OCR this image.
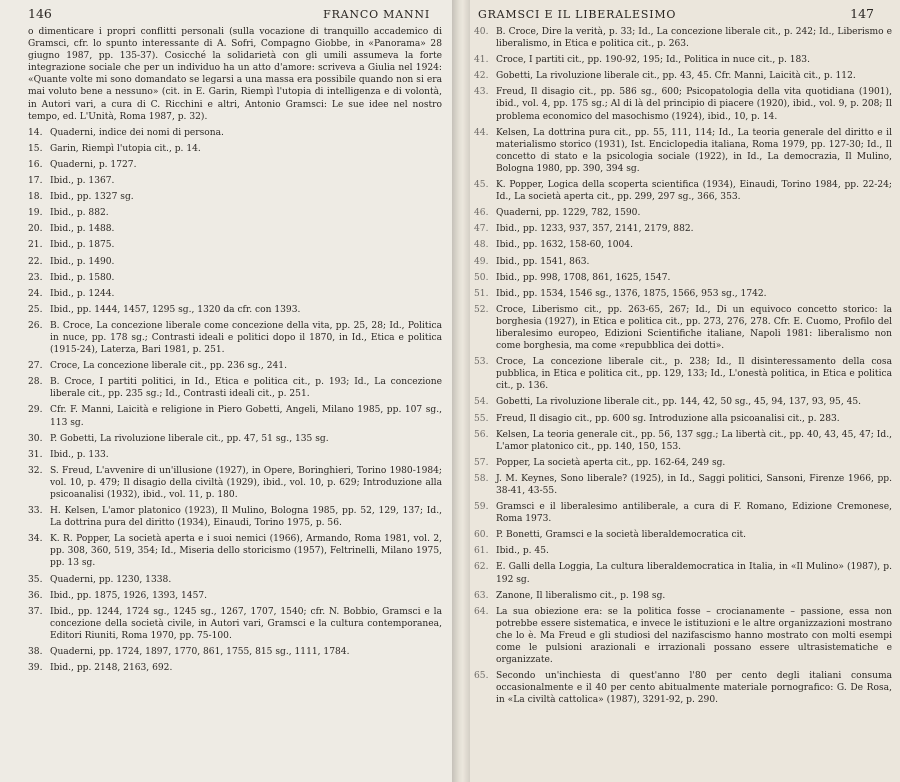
146	FRANCO MANNI

o dimenticare i propri conflitti personali (sulla vocazione di tranquillo accademico di Gramsci, cfr. lo spunto interessante di A. Sofri, Compagno Giobbe, in «Panorama» 28 giugno 1987, pp. 135-37). Cosicché la solidarietà con gli umili assumeva la forte integrazione sociale che per un individuo ha un atto d'amore: scriveva a Giulia nel 1924: «Quante volte mi sono domandato se legarsi a una massa era possibile quando non si era mai voluto bene a nessuno» (cit. in E. Garin, Riempì l'utopia di intelligenza e di volontà, in Autori vari, a cura di C. Ricchini e altri, Antonio Gramsci: Le sue idee nel nostro tempo, ed. L'Unità, Roma 1987, p. 32).

14. Quaderni, indice dei nomi di persona.
15. Garin, Riempì l'utopia cit., p. 14.
16. Quaderni, p. 1727.
17. Ibid., p. 1367.
18. Ibid., pp. 1327 sg.
19. Ibid., p. 882.
20. Ibid., p. 1488.
21. Ibid., p. 1875.
22. Ibid., p. 1490.
23. Ibid., p. 1580.
24. Ibid., p. 1244.
25. Ibid., pp. 1444, 1457, 1295 sg., 1320 da cfr. con 1393.
26. B. Croce, La concezione liberale come concezione della vita, pp. 25, 28; Id., Politica in nuce, pp. 178 sg.; Contrasti ideali e politici dopo il 1870, in Id., Etica e politica (1915-24), Laterza, Bari 1981, p. 251.
27. Croce, La concezione liberale cit., pp. 236 sg., 241.
28. B. Croce, I partiti politici, in Id., Etica e politica cit., p. 193; Id., La concezione liberale cit., pp. 235 sg.; Id., Contrasti ideali cit., p. 251.
29. Cfr. F. Manni, Laicità e religione in Piero Gobetti, Angeli, Milano 1985, pp. 107 sg., 113 sg.
30. P. Gobetti, La rivoluzione liberale cit., pp. 47, 51 sg., 135 sg.
31. Ibid., p. 133.
32. S. Freud, L'avvenire di un'illusione (1927), in Opere, Boringhieri, Torino 1980-1984; vol. 10, p. 479; Il disagio della civiltà (1929), ibid., vol. 10, p. 629; Introduzione alla psicoanalisi (1932), ibid., vol. 11, p. 180.
33. H. Kelsen, L'amor platonico (1923), Il Mulino, Bologna 1985, pp. 52, 129, 137; Id., La dottrina pura del diritto (1934), Einaudi, Torino 1975, p. 56.
34. K. R. Popper, La società aperta e i suoi nemici (1966), Armando, Roma 1981, vol. 2, pp. 308, 360, 519, 354; Id., Miseria dello storicismo (1957), Feltrinelli, Milano 1975, pp. 13 sg.
35. Quaderni, pp. 1230, 1338.
36. Ibid., pp. 1875, 1926, 1393, 1457.
37. Ibid., pp. 1244, 1724 sg., 1245 sg., 1267, 1707, 1540; cfr. N. Bobbio, Gramsci e la concezione della società civile, in Autori vari, Gramsci e la cultura contemporanea, Editori Riuniti, Roma 1970, pp. 75-100.
38. Quaderni, pp. 1724, 1897, 1770, 861, 1755, 815 sg., 1111, 1784.
39. Ibid., pp. 2148, 2163, 692.
GRAMSCI E IL LIBERALESIMO	147
40. B. Croce, Dire la verità, p. 33; Id., La concezione liberale cit., p. 242; Id., Liberismo e liberalismo, in Etica e politica cit., p. 263.
41. Croce, I partiti cit., pp. 190-92, 195; Id., Politica in nuce cit., p. 183.
42. Gobetti, La rivoluzione liberale cit., pp. 43, 45. Cfr. Manni, Laicità cit., p. 112.
43. Freud, Il disagio cit., pp. 586 sg., 600; Psicopatologia della vita quotidiana (1901), ibid., vol. 4, pp. 175 sg.; Al di là del principio di piacere (1920), ibid., vol. 9, p. 208; Il problema economico del masochismo (1924), ibid., 10, p. 14.
44. Kelsen, La dottrina pura cit., pp. 55, 111, 114; Id., La teoria generale del diritto e il materialismo storico (1931), Ist. Enciclopedia italiana, Roma 1979, pp. 127-30; Id., Il concetto di stato e la psicologia sociale (1922), in Id., La democrazia, Il Mulino, Bologna 1980, pp. 390, 394 sg.
45. K. Popper, Logica della scoperta scientifica (1934), Einaudi, Torino 1984, pp. 22-24; Id., La società aperta cit., pp. 299, 297 sg., 366, 353.
46. Quaderni, pp. 1229, 782, 1590.
47. Ibid., pp. 1233, 937, 357, 2141, 2179, 882.
48. Ibid., pp. 1632, 158-60, 1004.
49. Ibid., pp. 1541, 863.
50. Ibid., pp. 998, 1708, 861, 1625, 1547.
51. Ibid., pp. 1534, 1546 sg., 1376, 1875, 1566, 953 sg., 1742.
52. Croce, Liberismo cit., pp. 263-65, 267; Id., Di un equivoco concetto storico: la borghesia (1927), in Etica e politica cit., pp. 273, 276, 278. Cfr. E. Cuomo, Profilo del liberalesimo europeo, Edizioni Scientifiche italiane, Napoli 1981: liberalismo non come borghesia, ma come «repubblica dei dotti».
53. Croce, La concezione liberale cit., p. 238; Id., Il disinteressamento della cosa pubblica, in Etica e politica cit., pp. 129, 133; Id., L'onestà politica, in Etica e politica cit., p. 136.
54. Gobetti, La rivoluzione liberale cit., pp. 144, 42, 50 sg., 45, 94, 137, 93, 95, 45.
55. Freud, Il disagio cit., pp. 600 sg. Introduzione alla psicoanalisi cit., p. 283.
56. Kelsen, La teoria generale cit., pp. 56, 137 sgg.; La libertà cit., pp. 40, 43, 45, 47; Id., L'amor platonico cit., pp. 140, 150, 153.
57. Popper, La società aperta cit., pp. 162-64, 249 sg.
58. J. M. Keynes, Sono liberale? (1925), in Id., Saggi politici, Sansoni, Firenze 1966, pp. 38-41, 43-55.
59. Gramsci e il liberalesimo antiliberale, a cura di F. Romano, Edizione Cremonese, Roma 1973.
60. P. Bonetti, Gramsci e la società liberaldemocratica cit.
61. Ibid., p. 45.
62. E. Galli della Loggia, La cultura liberaldemocratica in Italia, in «Il Mulino» (1987), p. 192 sg.
63. Zanone, Il liberalismo cit., p. 198 sg.
64. La sua obiezione era: se la politica fosse – crocianamente – passione, essa non potrebbe essere sistematica, e invece le istituzioni e le altre organizzazioni mostrano che lo è. Ma Freud e gli studiosi del nazifascismo hanno mostrato con molti esempi come le pulsioni arazionali e irrazionali possano essere ultrasistematiche e organizzate.
65. Secondo un'inchiesta di quest'anno l'80 per cento degli italiani consuma occasionalmente e il 40 per cento abitualmente materiale pornografico: G. De Rosa, in «La civiltà cattolica» (1987), 3291-92, p. 290.
